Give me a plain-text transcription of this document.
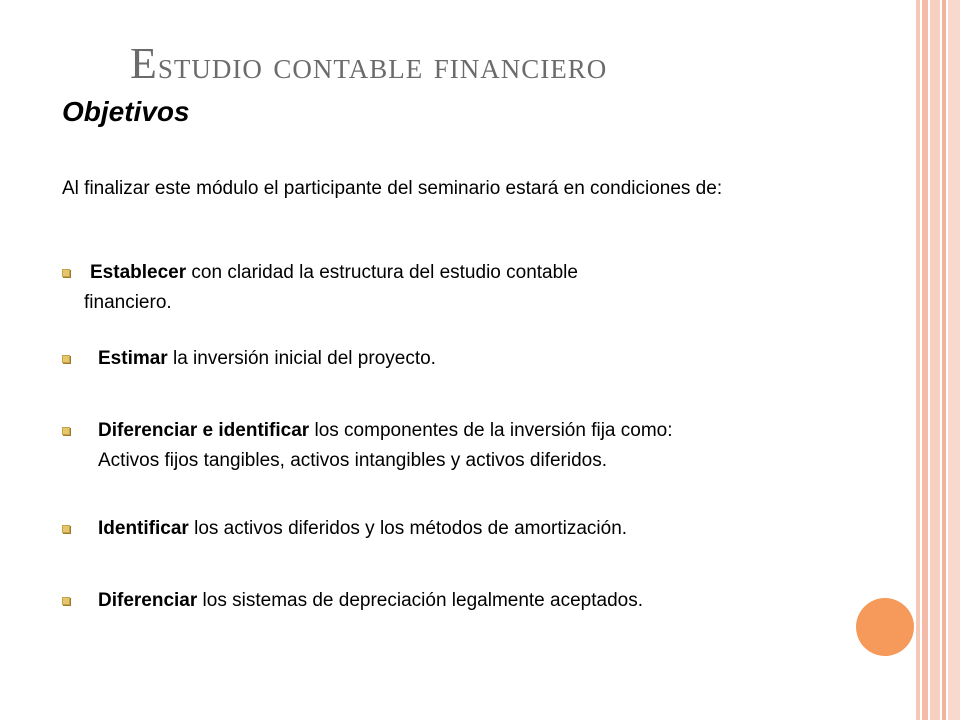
Estudio contable financiero
Objetivos
Al finalizar este módulo el participante del seminario estará en condiciones de:
Establecer con claridad la estructura del estudio contable
financiero.
Estimar la inversión inicial del proyecto.
Diferenciar e identificar los componentes de la inversión fija como:
Activos fijos tangibles, activos intangibles y activos diferidos.
Identificar los activos diferidos y los métodos de amortización.
Diferenciar los sistemas de depreciación legalmente aceptados.
